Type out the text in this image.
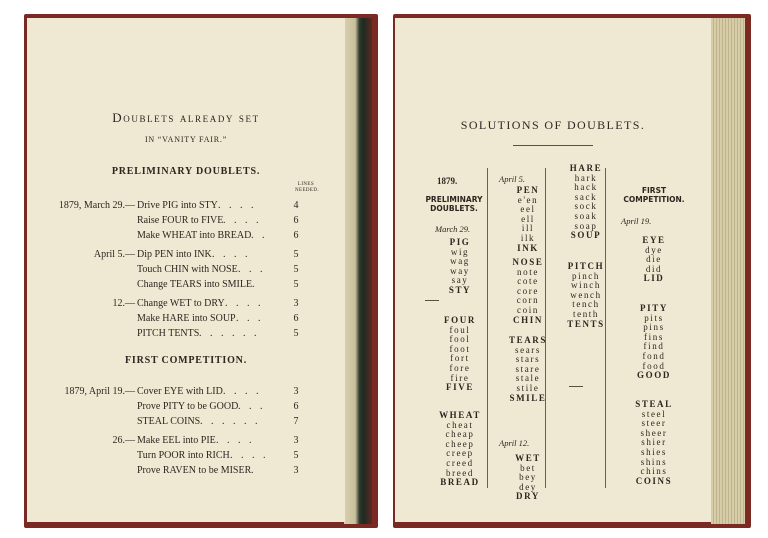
Doublets already set
IN “VANITY FAIR.”
PRELIMINARY DOUBLETS.
LINES NEEDED.
1879, March 29.— Drive PIG into STY . . . .	4
Raise FOUR to FIVE . . . .	6
Make WHEAT into BREAD . .	6
April 5.— Dip PEN into INK . . . .	5
Touch CHIN with NOSE . . .	5
Change TEARS into SMILE .	5
12.— Change WET to DRY . . . .	3
Make HARE into SOUP . . .	6
PITCH TENTS . . . . . .	5
FIRST COMPETITION.
1879, April 19.— Cover EYE with LID . . . .	3
Prove PITY to be GOOD . . .	6
STEAL COINS . . . . . .	7
26.— Make EEL into PIE . . . .	3
Turn POOR into RICH . . . .	5
Prove RAVEN to be MISER .	3
SOLUTIONS OF DOUBLETS.
1879.
PRELIMINARY
DOUBLETS.
March 29.
April 5.
April 12.
FIRST
COMPETITION.
April 19.
PIG
wig
wag
way
say
STY
FOUR
foul
fool
foot
fort
fore
fire
FIVE
WHEAT
cheat
cheap
cheep
creep
creed
breed
BREAD
PEN
e'en
eel
ell
ill
ilk
INK
NOSE
note
cote
core
corn
coin
CHIN
TEARS
sears
stars
stare
stale
stile
SMILE
WET
bet
bey
dey
DRY
HARE
hark
hack
sack
sock
soak
soap
SOUP
PITCH
pinch
winch
wench
tench
tenth
TENTS
EYE
dye
die
did
LID
PITY
pits
pins
fins
find
fond
food
GOOD
STEAL
steel
steer
sheer
shier
shies
shins
chins
COINS
